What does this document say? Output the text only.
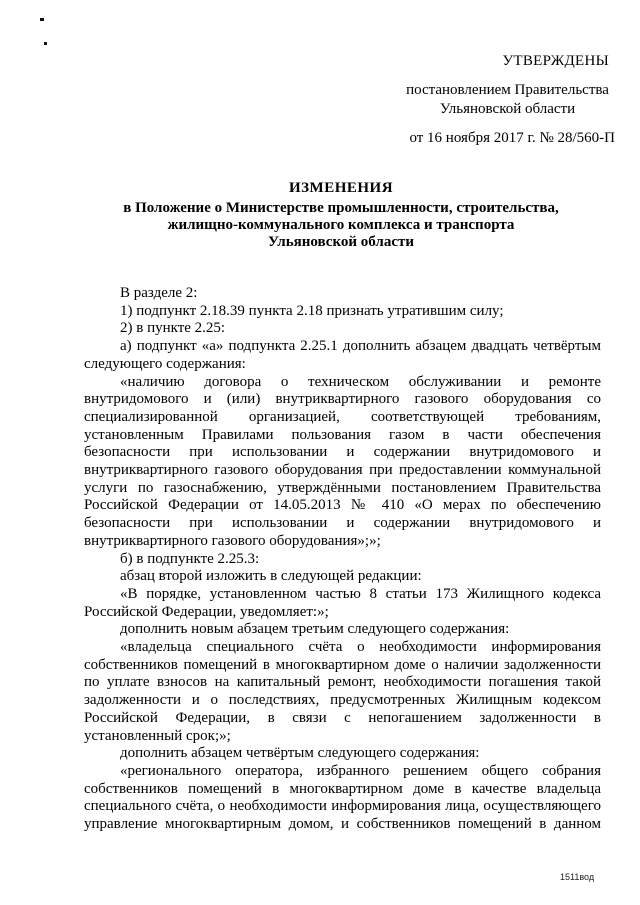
УТВЕРЖДЕНЫ
постановлением Правительства
Ульяновской области
от 16 ноября 2017 г. № 28/560-П
ИЗМЕНЕНИЯ
в Положение о Министерстве промышленности, строительства,
жилищно-коммунального комплекса и транспорта
Ульяновской области

В разделе 2:

1) подпункт 2.18.39 пункта 2.18 признать утратившим силу;

2) в пункте 2.25:

а) подпункт «а» подпункта 2.25.1 дополнить абзацем двадцать четвёртым следующего содержания:

«наличию договора о техническом обслуживании и ремонте внутридомового и (или) внутриквартирного газового оборудования со специализированной организацией, соответствующей требованиям, установленным Правилами пользования газом в части обеспечения безопасности при использовании и содержании внутридомового и внутриквартирного газового оборудования при предоставлении коммунальной услуги по газоснабжению, утверждёнными постановлением Правительства Российской Федерации от 14.05.2013 № 410 «О мерах по обеспечению безопасности при использовании и содержании внутридомового и внутриквартирного газового оборудования»;»;

б) в подпункте 2.25.3:

абзац второй изложить в следующей редакции:

«В порядке, установленном частью 8 статьи 173 Жилищного кодекса Российской Федерации, уведомляет:»;

дополнить новым абзацем третьим следующего содержания:

«владельца специального счёта о необходимости информирования собственников помещений в многоквартирном доме о наличии задолженности по уплате взносов на капитальный ремонт, необходимости погашения такой задолженности и о последствиях, предусмотренных Жилищным кодексом Российской Федерации, в связи с непогашением задолженности в установленный срок;»;

дополнить абзацем четвёртым следующего содержания:

«регионального оператора, избранного решением общего собрания собственников помещений в многоквартирном доме в качестве владельца специального счёта, о необходимости информирования лица, осуществляющего управление многоквартирным домом, и собственников помещений в данном

1511вод
